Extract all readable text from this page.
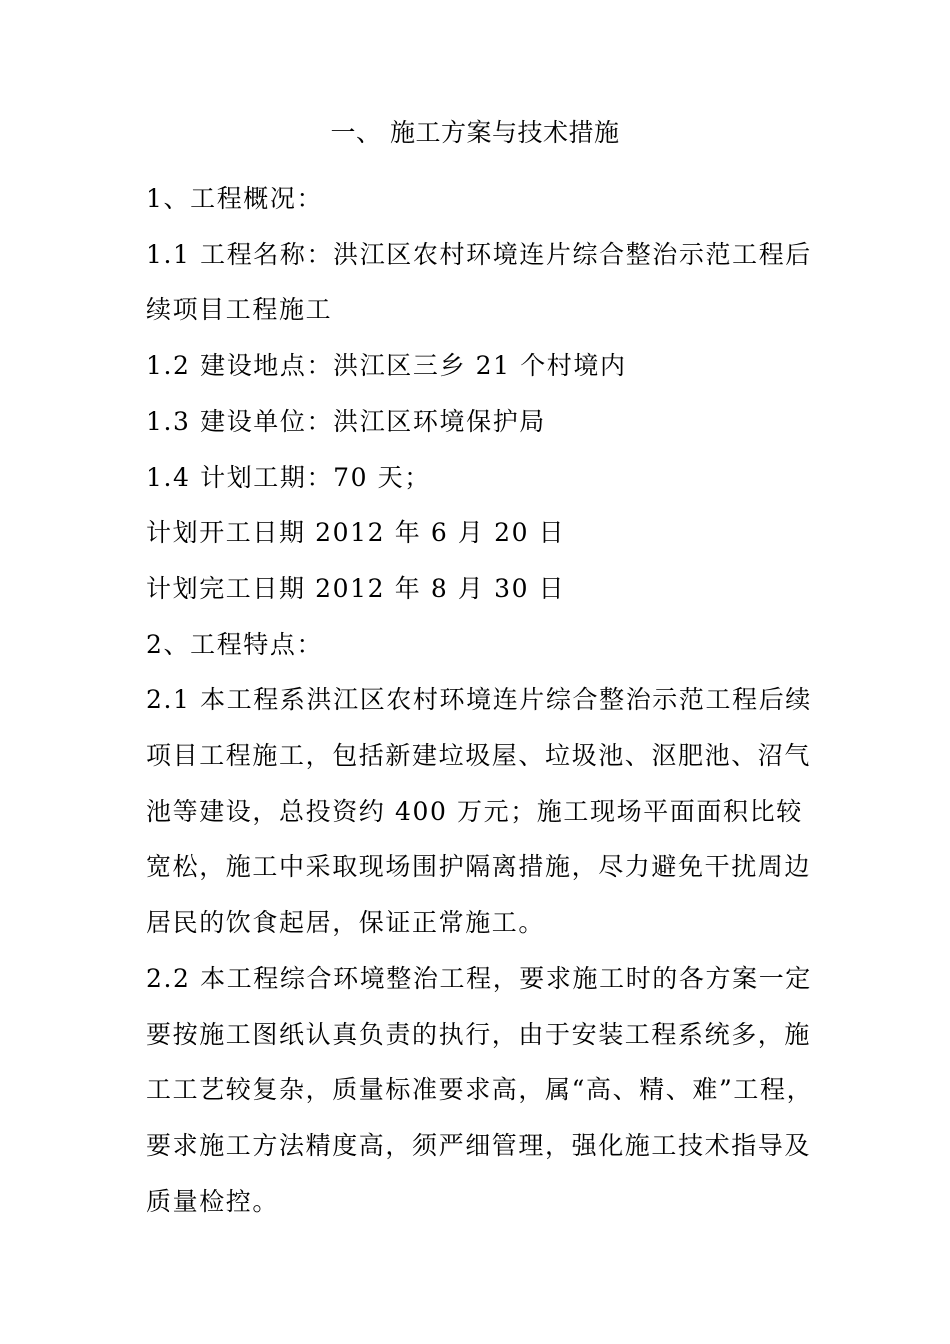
一、 施工方案与技术措施

1、工程概况：

1.1 工程名称：洪江区农村环境连片综合整治示范工程后续项目工程施工

1.2 建设地点：洪江区三乡 21 个村境内

1.3 建设单位：洪江区环境保护局

1.4 计划工期：70 天；

计划开工日期 2012 年 6 月 20 日

计划完工日期 2012 年 8 月 30 日

2、工程特点：

2.1 本工程系洪江区农村环境连片综合整治示范工程后续项目工程施工，包括新建垃圾屋、垃圾池、沤肥池、沼气池等建设，总投资约 400 万元；施工现场平面面积比较宽松，施工中采取现场围护隔离措施，尽力避免干扰周边居民的饮食起居，保证正常施工。

2.2 本工程综合环境整治工程，要求施工时的各方案一定要按施工图纸认真负责的执行，由于安装工程系统多，施工工艺较复杂，质量标准要求高，属“高、精、难”工程，要求施工方法精度高，须严细管理，强化施工技术指导及质量检控。
